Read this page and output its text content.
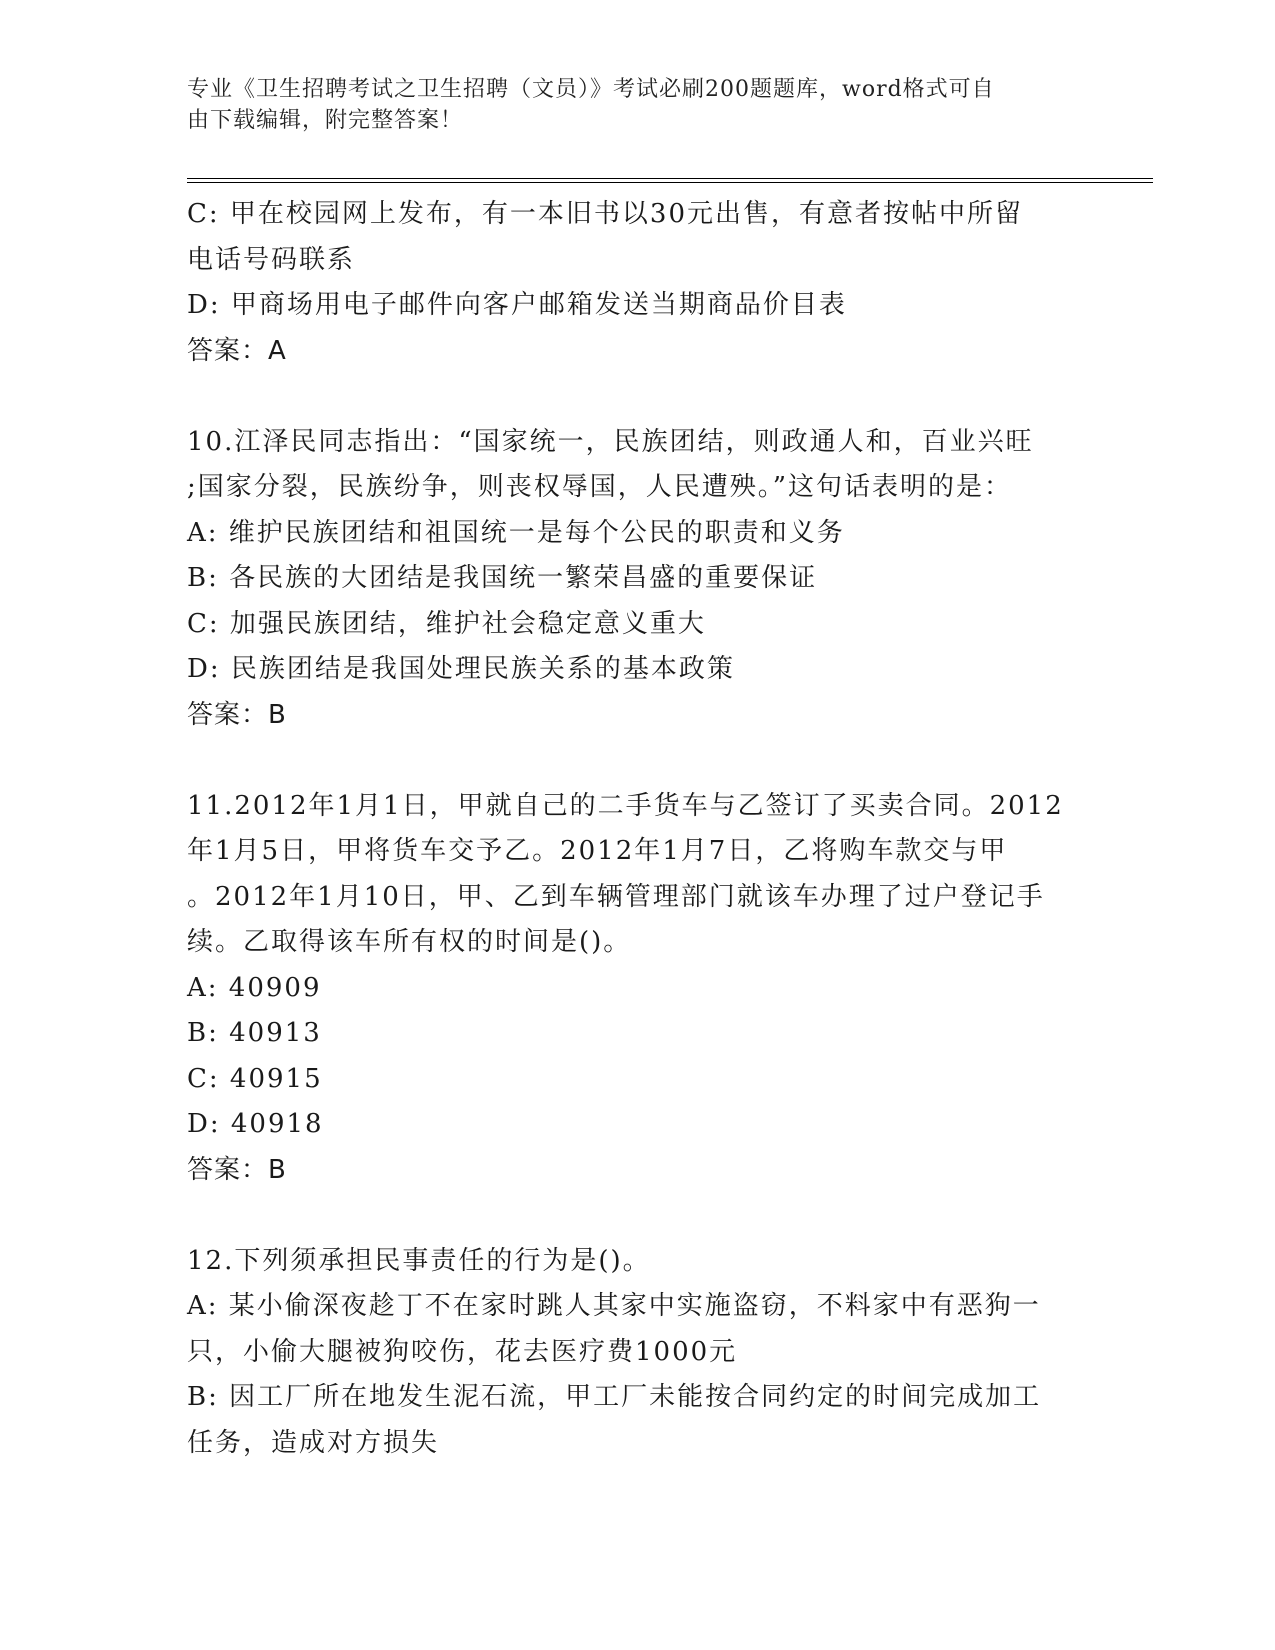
专业《卫生招聘考试之卫生招聘（文员）》考试必刷200题题库，word格式可自
由下载编辑，附完整答案！
C: 甲在校园网上发布，有一本旧书以30元出售，有意者按帖中所留
电话号码联系
D: 甲商场用电子邮件向客户邮箱发送当期商品价目表
答案：A
10.江泽民同志指出：“国家统一，民族团结，则政通人和，百业兴旺
;国家分裂，民族纷争，则丧权辱国，人民遭殃。”这句话表明的是：
A: 维护民族团结和祖国统一是每个公民的职责和义务
B: 各民族的大团结是我国统一繁荣昌盛的重要保证
C: 加强民族团结，维护社会稳定意义重大
D: 民族团结是我国处理民族关系的基本政策
答案：B
11.2012年1月1日，甲就自己的二手货车与乙签订了买卖合同。2012
年1月5日，甲将货车交予乙。2012年1月7日，乙将购车款交与甲
。2012年1月10日，甲、乙到车辆管理部门就该车办理了过户登记手
续。乙取得该车所有权的时间是()。
A: 40909
B: 40913
C: 40915
D: 40918
答案：B
12.下列须承担民事责任的行为是()。
A: 某小偷深夜趁丁不在家时跳人其家中实施盗窃，不料家中有恶狗一
只，小偷大腿被狗咬伤，花去医疗费1000元
B: 因工厂所在地发生泥石流，甲工厂未能按合同约定的时间完成加工
任务，造成对方损失
